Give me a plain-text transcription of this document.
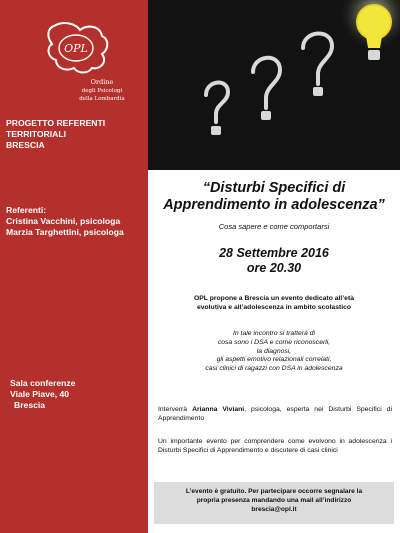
OPL
Ordine
degli Psicologi
della Lombardia
PROGETTO REFERENTI
TERRITORIALI
BRESCIA
Referenti:
Cristina Vacchini, psicologa
Marzia Targhettini, psicologa
Sala conferenze
Viale Piave, 40
Brescia
“Disturbi Specifici di
Apprendimento in adolescenza”
Cosa sapere e come comportarsi
28 Settembre 2016
ore 20.30
OPL propone a Brescia un evento dedicato all’età
evolutiva e all’adolescenza in ambito scolastico
In tale incontro si tratterà di
cosa sono i DSA e come riconoscerli,
la diagnosi,
gli aspetti emotivo relazionali correlati,
casi clinici di ragazzi con DSA in adolescenza
Interverrà Arianna Viviani, psicologa, esperta nei Disturbi Specifici di Apprendimento
Un importante evento per comprendere come evolvono in adolescenza i Disturbi Specifici di Apprendimento e discutere di casi clinici
L’evento è gratuito. Per partecipare occorre segnalare la
propria presenza mandando una mail all’indirizzo
brescia@opl.it
